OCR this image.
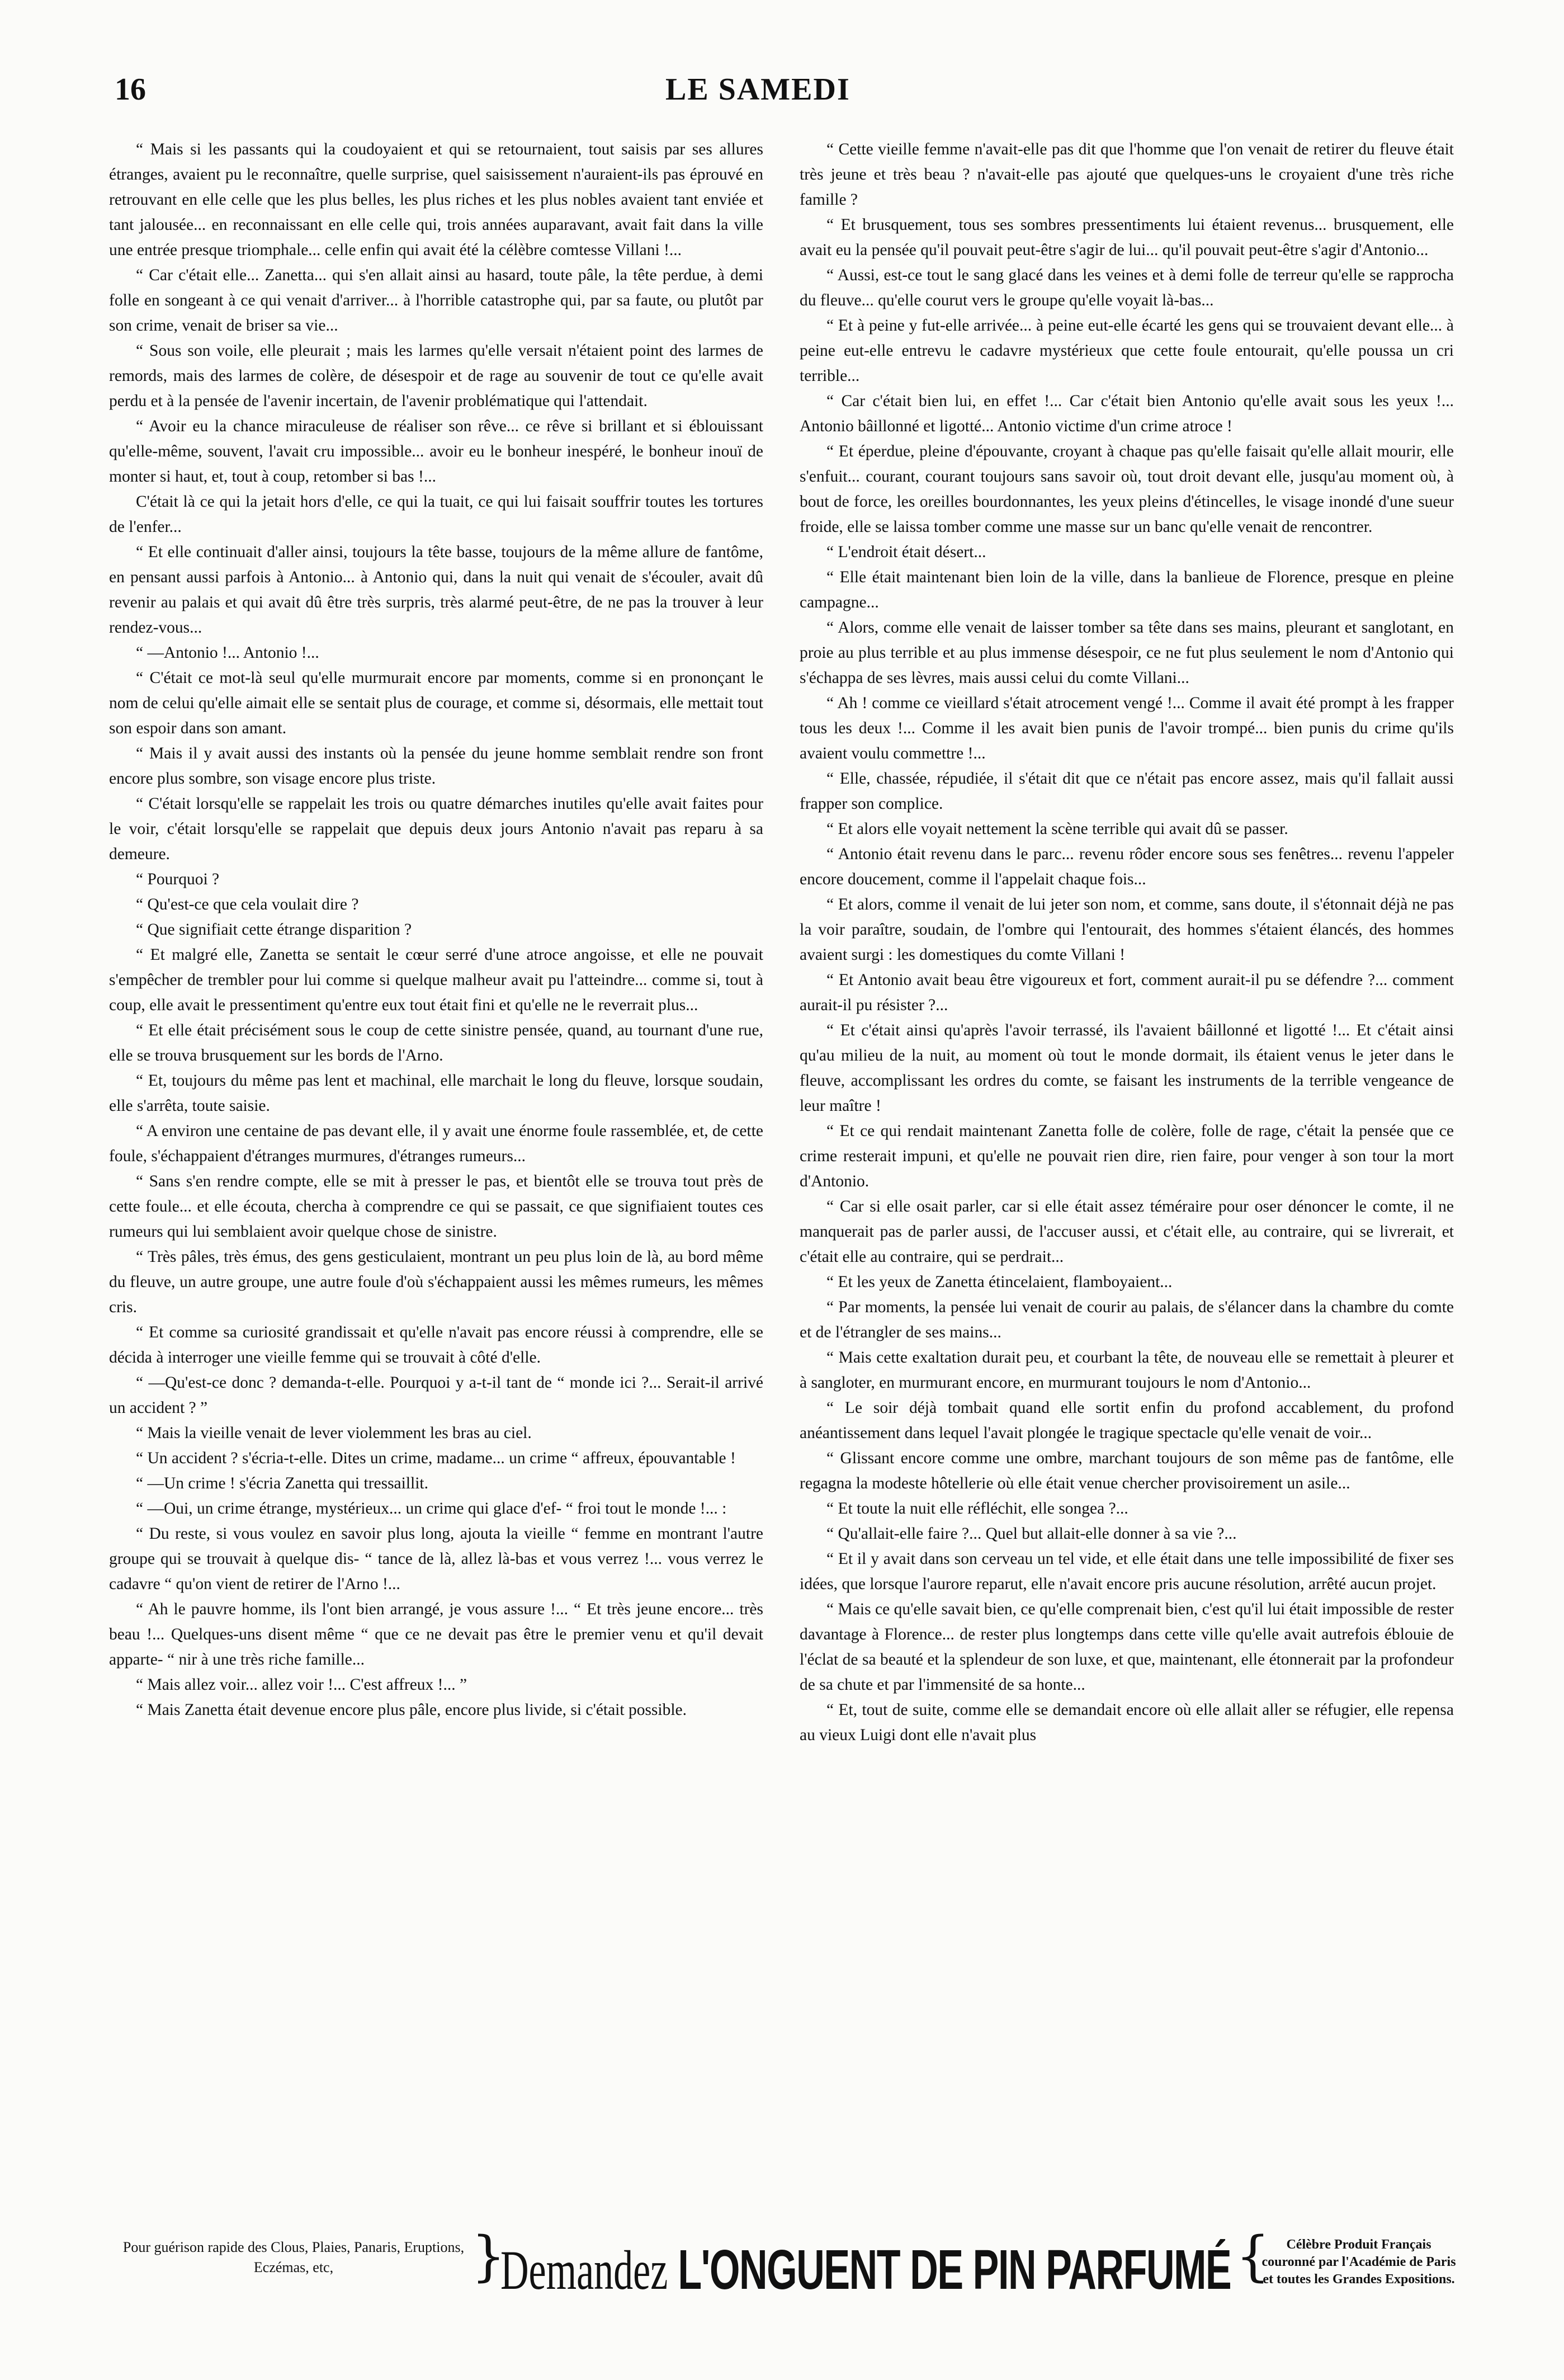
16	LE SAMEDI

“ Mais si les passants qui la coudoyaient et qui se retournaient, tout saisis par ses allures étranges, avaient pu le reconnaître, quelle surprise, quel saisissement n'auraient-ils pas éprouvé en retrouvant en elle celle que les plus belles, les plus riches et les plus nobles avaient tant enviée et tant jalousée... en reconnaissant en elle celle qui, trois années auparavant, avait fait dans la ville une entrée presque triomphale... celle enfin qui avait été la célèbre comtesse Villani !...

“ Car c'était elle... Zanetta... qui s'en allait ainsi au hasard, toute pâle, la tête perdue, à demi folle en songeant à ce qui venait d'arriver... à l'horrible catastrophe qui, par sa faute, ou plutôt par son crime, venait de briser sa vie...

“ Sous son voile, elle pleurait ; mais les larmes qu'elle versait n'étaient point des larmes de remords, mais des larmes de colère, de désespoir et de rage au souvenir de tout ce qu'elle avait perdu et à la pensée de l'avenir incertain, de l'avenir problématique qui l'attendait.

“ Avoir eu la chance miraculeuse de réaliser son rêve... ce rêve si brillant et si éblouissant qu'elle-même, souvent, l'avait cru impossible... avoir eu le bonheur inespéré, le bonheur inouï de monter si haut, et, tout à coup, retomber si bas !...

C'était là ce qui la jetait hors d'elle, ce qui la tuait, ce qui lui faisait souffrir toutes les tortures de l'enfer...

“ Et elle continuait d'aller ainsi, toujours la tête basse, toujours de la même allure de fantôme, en pensant aussi parfois à Antonio... à Antonio qui, dans la nuit qui venait de s'écouler, avait dû revenir au palais et qui avait dû être très surpris, très alarmé peut-être, de ne pas la trouver à leur rendez-vous...

“ —Antonio !... Antonio !...

“ C'était ce mot-là seul qu'elle murmurait encore par moments, comme si en prononçant le nom de celui qu'elle aimait elle se sentait plus de courage, et comme si, désormais, elle mettait tout son espoir dans son amant.

“ Mais il y avait aussi des instants où la pensée du jeune homme semblait rendre son front encore plus sombre, son visage encore plus triste.

“ C'était lorsqu'elle se rappelait les trois ou quatre démarches inutiles qu'elle avait faites pour le voir, c'était lorsqu'elle se rappelait que depuis deux jours Antonio n'avait pas reparu à sa demeure.

“ Pourquoi ?

“ Qu'est-ce que cela voulait dire ?

“ Que signifiait cette étrange disparition ?

“ Et malgré elle, Zanetta se sentait le cœur serré d'une atroce angoisse, et elle ne pouvait s'empêcher de trembler pour lui comme si quelque malheur avait pu l'atteindre... comme si, tout à coup, elle avait le pressentiment qu'entre eux tout était fini et qu'elle ne le reverrait plus...

“ Et elle était précisément sous le coup de cette sinistre pensée, quand, au tournant d'une rue, elle se trouva brusquement sur les bords de l'Arno.

“ Et, toujours du même pas lent et machinal, elle marchait le long du fleuve, lorsque soudain, elle s'arrêta, toute saisie.

“ A environ une centaine de pas devant elle, il y avait une énorme foule rassemblée, et, de cette foule, s'échappaient d'étranges murmures, d'étranges rumeurs...

“ Sans s'en rendre compte, elle se mit à presser le pas, et bientôt elle se trouva tout près de cette foule... et elle écouta, chercha à comprendre ce qui se passait, ce que signifiaient toutes ces rumeurs qui lui semblaient avoir quelque chose de sinistre.

“ Très pâles, très émus, des gens gesticulaient, montrant un peu plus loin de là, au bord même du fleuve, un autre groupe, une autre foule d'où s'échappaient aussi les mêmes rumeurs, les mêmes cris.

“ Et comme sa curiosité grandissait et qu'elle n'avait pas encore réussi à comprendre, elle se décida à interroger une vieille femme qui se trouvait à côté d'elle.

“ —Qu'est-ce donc ? demanda-t-elle. Pourquoi y a-t-il tant de “ monde ici ?... Serait-il arrivé un accident ? ”

“ Mais la vieille venait de lever violemment les bras au ciel.

“ Un accident ? s'écria-t-elle. Dites un crime, madame... un crime “ affreux, épouvantable !

“ —Un crime ! s'écria Zanetta qui tressaillit.

“ —Oui, un crime étrange, mystérieux... un crime qui glace d'ef- “ froi tout le monde !... :

“ Du reste, si vous voulez en savoir plus long, ajouta la vieille “ femme en montrant l'autre groupe qui se trouvait à quelque dis- “ tance de là, allez là-bas et vous verrez !... vous verrez le cadavre “ qu'on vient de retirer de l'Arno !...

“ Ah le pauvre homme, ils l'ont bien arrangé, je vous assure !... “ Et très jeune encore... très beau !... Quelques-uns disent même “ que ce ne devait pas être le premier venu et qu'il devait apparte- “ nir à une très riche famille...

“ Mais allez voir... allez voir !... C'est affreux !... ”

“ Mais Zanetta était devenue encore plus pâle, encore plus livide, si c'était possible.

“ Cette vieille femme n'avait-elle pas dit que l'homme que l'on venait de retirer du fleuve était très jeune et très beau ? n'avait-elle pas ajouté que quelques-uns le croyaient d'une très riche famille ?

“ Et brusquement, tous ses sombres pressentiments lui étaient revenus... brusquement, elle avait eu la pensée qu'il pouvait peut-être s'agir de lui... qu'il pouvait peut-être s'agir d'Antonio...

“ Aussi, est-ce tout le sang glacé dans les veines et à demi folle de terreur qu'elle se rapprocha du fleuve... qu'elle courut vers le groupe qu'elle voyait là-bas...

“ Et à peine y fut-elle arrivée... à peine eut-elle écarté les gens qui se trouvaient devant elle... à peine eut-elle entrevu le cadavre mystérieux que cette foule entourait, qu'elle poussa un cri terrible...

“ Car c'était bien lui, en effet !... Car c'était bien Antonio qu'elle avait sous les yeux !... Antonio bâillonné et ligotté... Antonio victime d'un crime atroce !

“ Et éperdue, pleine d'épouvante, croyant à chaque pas qu'elle faisait qu'elle allait mourir, elle s'enfuit... courant, courant toujours sans savoir où, tout droit devant elle, jusqu'au moment où, à bout de force, les oreilles bourdonnantes, les yeux pleins d'étincelles, le visage inondé d'une sueur froide, elle se laissa tomber comme une masse sur un banc qu'elle venait de rencontrer.

“ L'endroit était désert...

“ Elle était maintenant bien loin de la ville, dans la banlieue de Florence, presque en pleine campagne...

“ Alors, comme elle venait de laisser tomber sa tête dans ses mains, pleurant et sanglotant, en proie au plus terrible et au plus immense désespoir, ce ne fut plus seulement le nom d'Antonio qui s'échappa de ses lèvres, mais aussi celui du comte Villani...

“ Ah ! comme ce vieillard s'était atrocement vengé !... Comme il avait été prompt à les frapper tous les deux !... Comme il les avait bien punis de l'avoir trompé... bien punis du crime qu'ils avaient voulu commettre !...

“ Elle, chassée, répudiée, il s'était dit que ce n'était pas encore assez, mais qu'il fallait aussi frapper son complice.

“ Et alors elle voyait nettement la scène terrible qui avait dû se passer.

“ Antonio était revenu dans le parc... revenu rôder encore sous ses fenêtres... revenu l'appeler encore doucement, comme il l'appelait chaque fois...

“ Et alors, comme il venait de lui jeter son nom, et comme, sans doute, il s'étonnait déjà ne pas la voir paraître, soudain, de l'ombre qui l'entourait, des hommes s'étaient élancés, des hommes avaient surgi : les domestiques du comte Villani !

“ Et Antonio avait beau être vigoureux et fort, comment aurait-il pu se défendre ?... comment aurait-il pu résister ?...

“ Et c'était ainsi qu'après l'avoir terrassé, ils l'avaient bâillonné et ligotté !... Et c'était ainsi qu'au milieu de la nuit, au moment où tout le monde dormait, ils étaient venus le jeter dans le fleuve, accomplissant les ordres du comte, se faisant les instruments de la terrible vengeance de leur maître !

“ Et ce qui rendait maintenant Zanetta folle de colère, folle de rage, c'était la pensée que ce crime resterait impuni, et qu'elle ne pouvait rien dire, rien faire, pour venger à son tour la mort d'Antonio.

“ Car si elle osait parler, car si elle était assez téméraire pour oser dénoncer le comte, il ne manquerait pas de parler aussi, de l'accuser aussi, et c'était elle, au contraire, qui se livrerait, et c'était elle au contraire, qui se perdrait...

“ Et les yeux de Zanetta étincelaient, flamboyaient...

“ Par moments, la pensée lui venait de courir au palais, de s'élancer dans la chambre du comte et de l'étrangler de ses mains...

“ Mais cette exaltation durait peu, et courbant la tête, de nouveau elle se remettait à pleurer et à sangloter, en murmurant encore, en murmurant toujours le nom d'Antonio...

“ Le soir déjà tombait quand elle sortit enfin du profond accablement, du profond anéantissement dans lequel l'avait plongée le tragique spectacle qu'elle venait de voir...

“ Glissant encore comme une ombre, marchant toujours de son même pas de fantôme, elle regagna la modeste hôtellerie où elle était venue chercher provisoirement un asile...

“ Et toute la nuit elle réfléchit, elle songea ?...

“ Qu'allait-elle faire ?... Quel but allait-elle donner à sa vie ?...

“ Et il y avait dans son cerveau un tel vide, et elle était dans une telle impossibilité de fixer ses idées, que lorsque l'aurore reparut, elle n'avait encore pris aucune résolution, arrêté aucun projet.

“ Mais ce qu'elle savait bien, ce qu'elle comprenait bien, c'est qu'il lui était impossible de rester davantage à Florence... de rester plus longtemps dans cette ville qu'elle avait autrefois éblouie de l'éclat de sa beauté et la splendeur de son luxe, et que, maintenant, elle étonnerait par la profondeur de sa chute et par l'immensité de sa honte...

“ Et, tout de suite, comme elle se demandait encore où elle allait aller se réfugier, elle repensa au vieux Luigi dont elle n'avait plus

Pour guérison rapide des Clous, Plaies, Panaris, Eruptions, Eczémas, etc,	}
Demandez L'ONGUENT DE PIN PARFUMÉ {	Célèbre Produit Français couronné par l'Académie de Paris et toutes les Grandes Expositions.
